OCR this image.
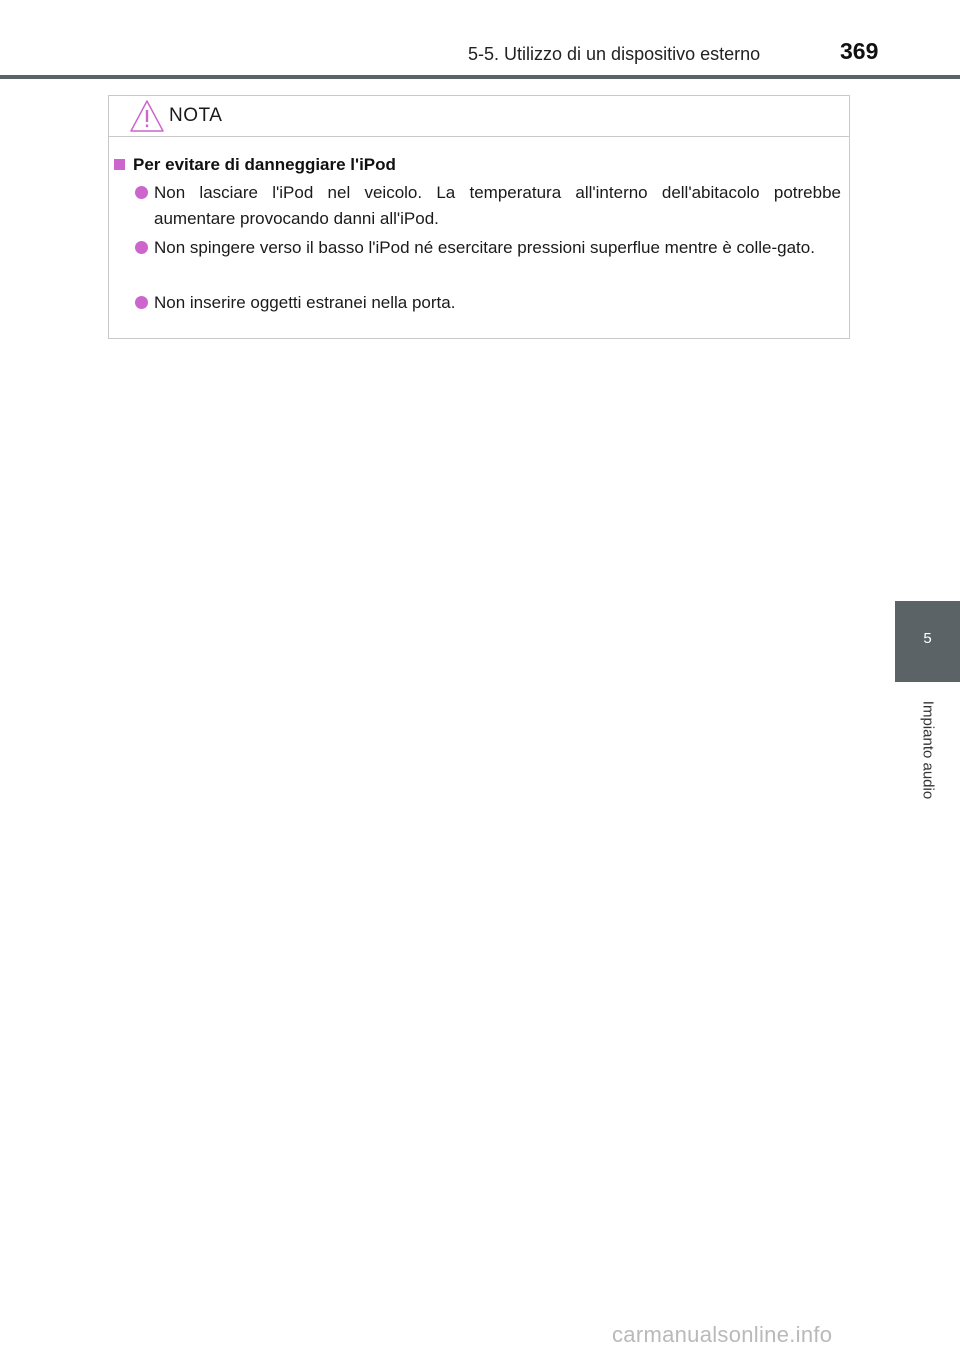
5-5. Utilizzo di un dispositivo esterno	369
NOTA
Per evitare di danneggiare l'iPod
Non lasciare l'iPod nel veicolo. La temperatura all'interno dell'abitacolo potrebbe aumentare provocando danni all'iPod.
Non spingere verso il basso l'iPod né esercitare pressioni superflue mentre è colle-gato.
Non inserire oggetti estranei nella porta.
5
Impianto audio
carmanualsonline.info
